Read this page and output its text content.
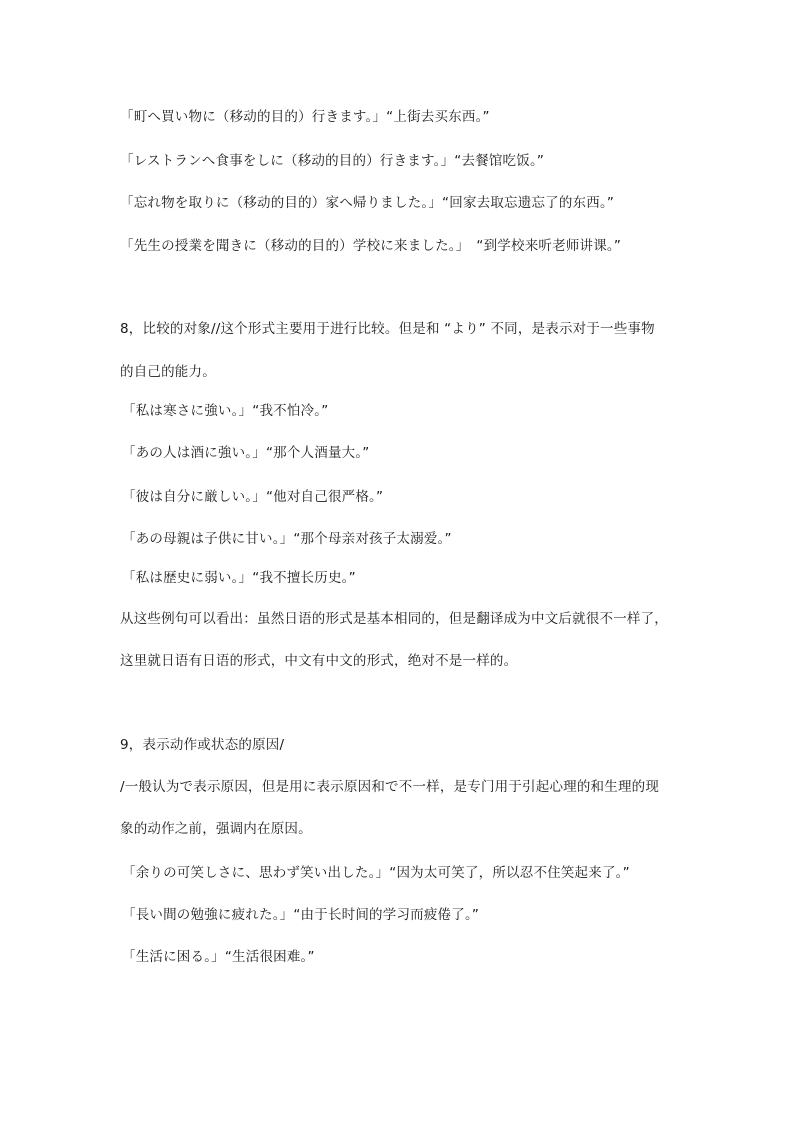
「町へ買い物に（移动的目的）行きます。」“上街去买东西。”
「レストランへ食事をしに（移动的目的）行きます。」“去餐馆吃饭。”
「忘れ物を取りに（移动的目的）家へ帰りました。」“回家去取忘遗忘了的东西。”
「先生の授業を聞きに（移动的目的）学校に来ました。」　“到学校来听老师讲课。”
8，比较的对象//这个形式主要用于进行比较。但是和 “より” 不同，是表示对于一些事物
的自己的能力。
「私は寒さに強い。」“我不怕冷。”
「あの人は酒に強い。」“那个人酒量大。”
「彼は自分に厳しい。」“他对自己很严格。”
「あの母親は子供に甘い。」“那个母亲对孩子太溺爱。”
「私は歴史に弱い。」“我不擅长历史。”
从这些例句可以看出：虽然日语的形式是基本相同的，但是翻译成为中文后就很不一样了，
这里就日语有日语的形式，中文有中文的形式，绝对不是一样的。
9，表示动作或状态的原因/
/一般认为で表示原因，但是用に表示原因和で不一样，是专门用于引起心理的和生理的现
象的动作之前，强调内在原因。
「余りの可笑しさに、思わず笑い出した。」“因为太可笑了，所以忍不住笑起来了。”
「長い間の勉強に疲れた。」“由于长时间的学习而疲倦了。”
「生活に困る。」“生活很困难。”
